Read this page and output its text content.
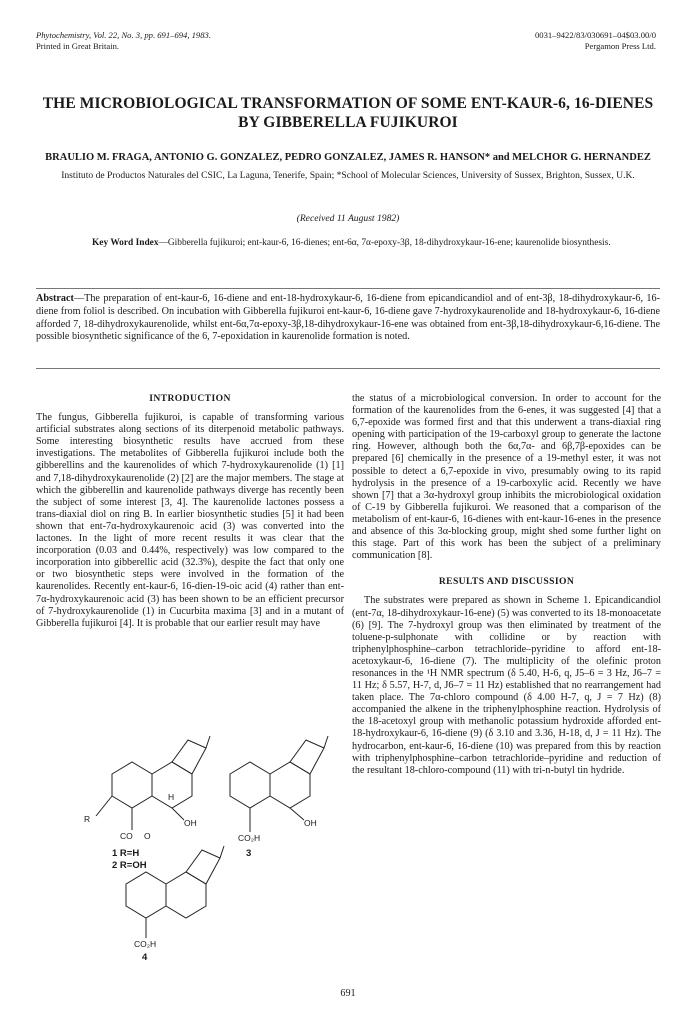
Phytochemistry, Vol. 22, No. 3, pp. 691–694, 1983.
Printed in Great Britain.
0031–9422/83/030691–04$03.00/0
Pergamon Press Ltd.
THE MICROBIOLOGICAL TRANSFORMATION OF SOME ENT-KAUR-6, 16-DIENES BY GIBBERELLA FUJIKUROI
BRAULIO M. FRAGA, ANTONIO G. GONZALEZ, PEDRO GONZALEZ, JAMES R. HANSON* and MELCHOR G. HERNANDEZ
Instituto de Productos Naturales del CSIC, La Laguna, Tenerife, Spain; *School of Molecular Sciences, University of Sussex, Brighton, Sussex, U.K.
(Received 11 August 1982)
Key Word Index—Gibberella fujikuroi; ent-kaur-6, 16-dienes; ent-6α, 7α-epoxy-3β, 18-dihydroxykaur-16-ene; kaurenolide biosynthesis.
Abstract—The preparation of ent-kaur-6, 16-diene and ent-18-hydroxykaur-6, 16-diene from epicandicandiol and of ent-3β, 18-dihydroxykaur-6, 16-diene from foliol is described. On incubation with Gibberella fujikuroi ent-kaur-6, 16-diene gave 7-hydroxykaurenolide and 18-hydroxykaur-6, 16-diene afforded 7, 18-dihydroxykaurenolide, whilst ent-6α,7α-epoxy-3β,18-dihydroxykaur-16-ene was obtained from ent-3β,18-dihydroxykaur-6,16-diene. The possible biosynthetic significance of the 6, 7-epoxidation in kaurenolide formation is noted.
INTRODUCTION

The fungus, Gibberella fujikuroi, is capable of transforming various artificial substrates along sections of its diterpenoid metabolic pathways. Some interesting biosynthetic results have accrued from these investigations. The metabolites of Gibberella fujikuroi include both the gibberellins and the kaurenolides of which 7-hydroxykaurenolide (1) [1] and 7,18-dihydroxykaurenolide (2) [2] are the major members. The stage at which the gibberellin and kaurenolide pathways diverge has recently been the subject of some interest [3, 4]. The kaurenolide lactones possess a trans-diaxial diol on ring B. In earlier biosynthetic studies [5] it had been shown that ent-7α-hydroxykaurenoic acid (3) was converted into the lactones. In the light of more recent results it was clear that the incorporation (0.03 and 0.44%, respectively) was low compared to the incorporation into gibberellic acid (32.3%), despite the fact that only one or two biosynthetic steps were involved in the formation of the kaurenolides. Recently ent-kaur-6, 16-dien-19-oic acid (4) rather than ent-7α-hydroxykaurenoic acid (3) has been shown to be an efficient precursor of 7-hydroxykaurenolide (1) in Cucurbita maxima [3] and in a mutant of Gibberella fujikuroi [4]. It is probable that our earlier result may have

R
CO O
OH	OH
CO₂H
CO₂H
H
1 R=H
2 R=OH
3
4

the status of a microbiological conversion. In order to account for the formation of the kaurenolides from the 6-enes, it was suggested [4] that a 6,7-epoxide was formed first and that this underwent a trans-diaxial ring opening with participation of the 19-carboxyl group to generate the lactone ring. However, although both the 6α,7α- and 6β,7β-epoxides can be prepared [6] chemically in the presence of a 19-methyl ester, it was not possible to detect a 6,7-epoxide in vivo, presumably owing to its rapid hydrolysis in the presence of a 19-carboxylic acid. Recently we have shown [7] that a 3α-hydroxyl group inhibits the microbiological oxidation of C-19 by Gibberella fujikuroi. We reasoned that a comparison of the metabolism of ent-kaur-6, 16-dienes with ent-kaur-16-enes in the presence and absence of this 3α-blocking group, might shed some further light on this stage. Part of this work has been the subject of a preliminary communication [8].

RESULTS AND DISCUSSION

The substrates were prepared as shown in Scheme 1. Epicandicandiol (ent-7α, 18-dihydroxykaur-16-ene) (5) was converted to its 18-monoacetate (6) [9]. The 7-hydroxyl group was then eliminated by treatment of the toluene-p-sulphonate with collidine or by reaction with triphenylphosphine–carbon tetrachloride–pyridine to afford ent-18-acetoxykaur-6, 16-diene (7). The multiplicity of the olefinic proton resonances in the ¹H NMR spectrum (δ 5.40, H-6, q, J5–6 = 3 Hz, J6–7 = 11 Hz; δ 5.57, H-7, d, J6–7 = 11 Hz) established that no rearrangement had taken place. The 7α-chloro compound (δ 4.00 H-7, q, J = 7 Hz) (8) accompanied the alkene in the triphenylphosphine reaction. Hydrolysis of the 18-acetoxyl group with methanolic potassium hydroxide afforded ent-18-hydroxykaur-6, 16-diene (9) (δ 3.10 and 3.36, H-18, d, J = 11 Hz). The hydrocarbon, ent-kaur-6, 16-diene (10) was prepared from this by reaction with triphenylphosphine–carbon tetrachloride–pyridine and reduction of the resultant 18-chloro-compound (11) with tri-n-butyl tin hydride.

691
